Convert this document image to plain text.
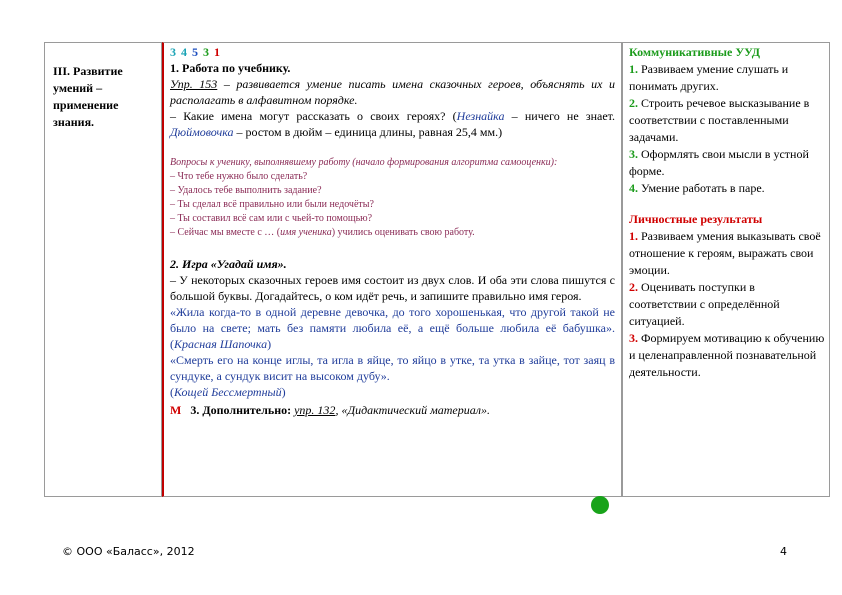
III. Развитие умений – применение знания.
3 4 5 3 1
1. Работа по учебнику.
Упр. 153 – развивается умение писать имена сказочных героев, объяснять их и располагать в алфавитном порядке.
– Какие имена могут рассказать о своих героях? (Незнайка – ничего не знает. Дюймовочка – ростом в дюйм – единица длины, равная 25,4 мм.)
Вопросы к ученику, выполнявшему работу (начало формирования алгоритма самооценки):
– Что тебе нужно было сделать?
– Удалось тебе выполнить задание?
– Ты сделал всё правильно или были недочёты?
– Ты составил всё сам или с чьей-то помощью?
– Сейчас мы вместе с … (имя ученика) учились оценивать свою работу.
2. Игра «Угадай имя».
– У некоторых сказочных героев имя состоит из двух слов. И оба эти слова пишутся с большой буквы. Догадайтесь, о ком идёт речь, и запишите правильно имя героя.
«Жила когда-то в одной деревне девочка, до того хорошенькая, что другой такой не было на свете; мать без памяти любила её, а ещё больше любила её бабушка». (Красная Шапочка)
«Смерть его на конце иглы, та игла в яйце, то яйцо в утке, та утка в зайце, тот заяц в сундуке, а сундук висит на высоком дубу».
(Кощей Бессмертный)
М 3. Дополнительно: упр. 132, «Дидактический материал».
Коммуникативные УУД
1. Развиваем умение слушать и понимать других.
2. Строить речевое высказывание в соответствии с поставленными задачами.
3. Оформлять свои мысли в устной форме.
4. Умение работать в паре.
Личностные результаты
1. Развиваем умения выказывать своё отношение к героям, выражать свои эмоции.
2. Оценивать поступки в соответствии с определённой ситуацией.
3. Формируем мотивацию к обучению и целенаправленной познавательной деятельности.
© ООО «Баласс», 2012	4
